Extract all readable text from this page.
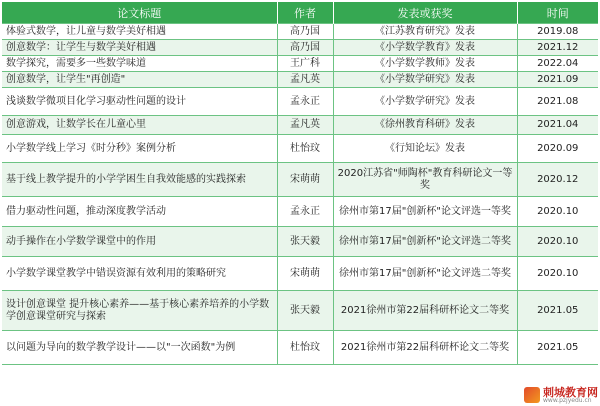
论文标题	作者	发表或获奖	时间
体验式数学，让儿童与数学美好相遇	高乃国	《江苏教育研究》发表	2019.08
创意数学：让学生与数学美好相遇	高乃国	《小学数学教育》发表	2021.12
数学探究，需要多一些数学味道	王广科	《小学数学教师》发表	2022.04
创意数学，让学生"再创造"	孟凡英	《小学数学研究》发表	2021.09
浅谈数学微项目化学习驱动性问题的设计	孟永正	《小学数学研究》发表	2021.08
创意游戏，让数学长在儿童心里	孟凡英	《徐州教育科研》发表	2021.04
小学数学线上学习《时分秒》案例分析	杜怡玟	《行知论坛》发表	2020.09
基于线上教学提升的小学学困生自我效能感的实践探索	宋萌萌	2020江苏省"师陶杯"教育科研论文一等奖	2020.12
借力驱动性问题，推动深度教学活动	孟永正	徐州市第17届"创新杯"论文评选一等奖	2020.10
动手操作在小学数学课堂中的作用	张天毅	徐州市第17届"创新杯"论文评选二等奖	2020.10
小学数学课堂教学中错误资源有效利用的策略研究	宋萌萌	徐州市第17届"创新杯"论文评选二等奖	2020.10
设计创意课堂 提升核心素养——基于核心素养培养的小学数学创意课堂研究与探索	张天毅	2021徐州市第22届科研杯论文二等奖	2021.05
以问题为导向的数学教学设计——以"一次函数"为例	杜怡玟	2021徐州市第22届科研杯论文二等奖	2021.05
刺城教育网
www.pzjyedu.cn
